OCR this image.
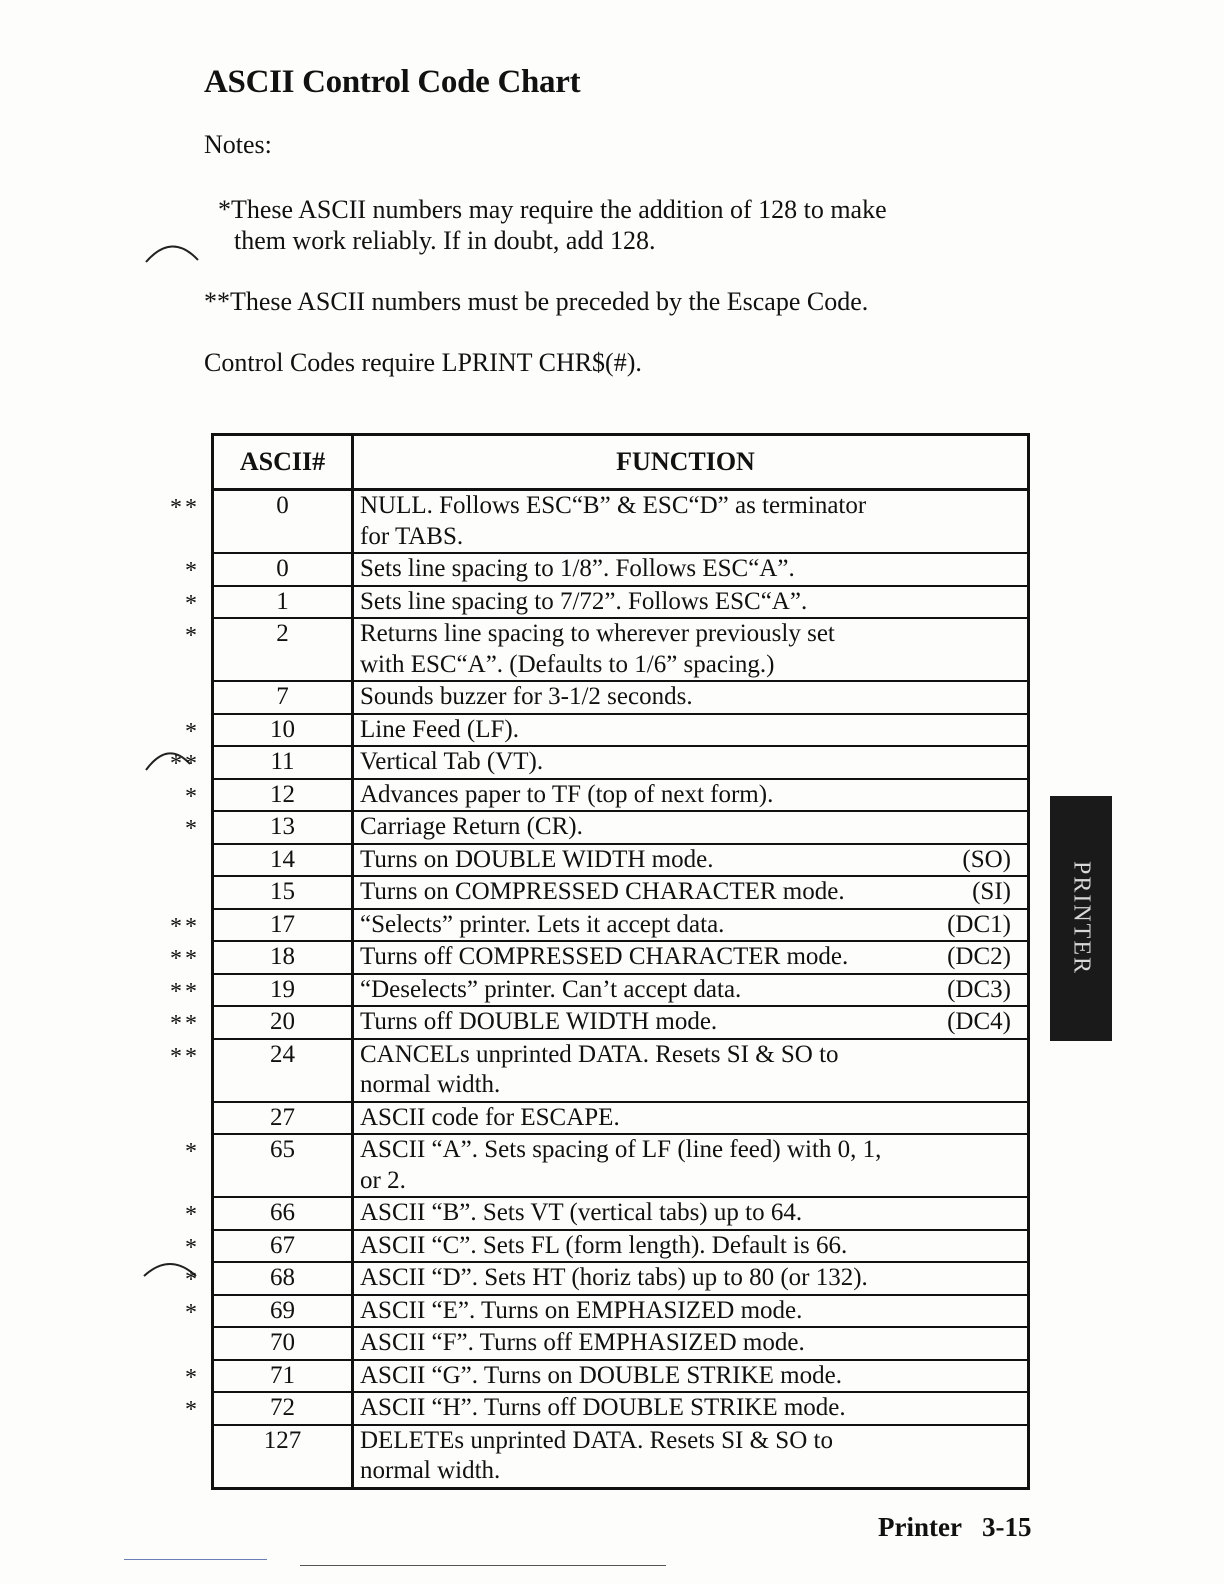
ASCII Control Code Chart
Notes:
*These ASCII numbers may require the addition of 128 to make
them work reliably. If in doubt, add 128.
**These ASCII numbers must be preceded by the Escape Code.
Control Codes require LPRINT CHR$(#).
ASCII#	FUNCTION
**	0	NULL. Follows ESC“B” & ESC“D” as terminator
for TABS.
*	0	Sets line spacing to 1/8”. Follows ESC“A”.
*	1	Sets line spacing to 7/72”. Follows ESC“A”.
*	2	Returns line spacing to wherever previously set
with ESC“A”. (Defaults to 1/6” spacing.)
7	Sounds buzzer for 3-1/2 seconds.
*	10	Line Feed (LF).
**	11	Vertical Tab (VT).
*	12	Advances paper to TF (top of next form).
*	13	Carriage Return (CR).
14	Turns on DOUBLE WIDTH mode.	(SO)
15	Turns on COMPRESSED CHARACTER mode.	(SI)
**	17	“Selects” printer. Lets it accept data.	(DC1)
**	18	Turns off COMPRESSED CHARACTER mode.	(DC2)
**	19	“Deselects” printer. Can’t accept data.	(DC3)
**	20	Turns off DOUBLE WIDTH mode.	(DC4)
**	24	CANCELs unprinted DATA. Resets SI & SO to
normal width.
27	ASCII code for ESCAPE.
*	65	ASCII “A”. Sets spacing of LF (line feed) with 0, 1,
or 2.
*	66	ASCII “B”. Sets VT (vertical tabs) up to 64.
*	67	ASCII “C”. Sets FL (form length). Default is 66.
*	68	ASCII “D”. Sets HT (horiz tabs) up to 80 (or 132).
*	69	ASCII “E”. Turns on EMPHASIZED mode.
70	ASCII “F”. Turns off EMPHASIZED mode.
*	71	ASCII “G”. Turns on DOUBLE STRIKE mode.
*	72	ASCII “H”. Turns off DOUBLE STRIKE mode.
127	DELETEs unprinted DATA. Resets SI & SO to
normal width.
PRINTER
Printer 3-15
